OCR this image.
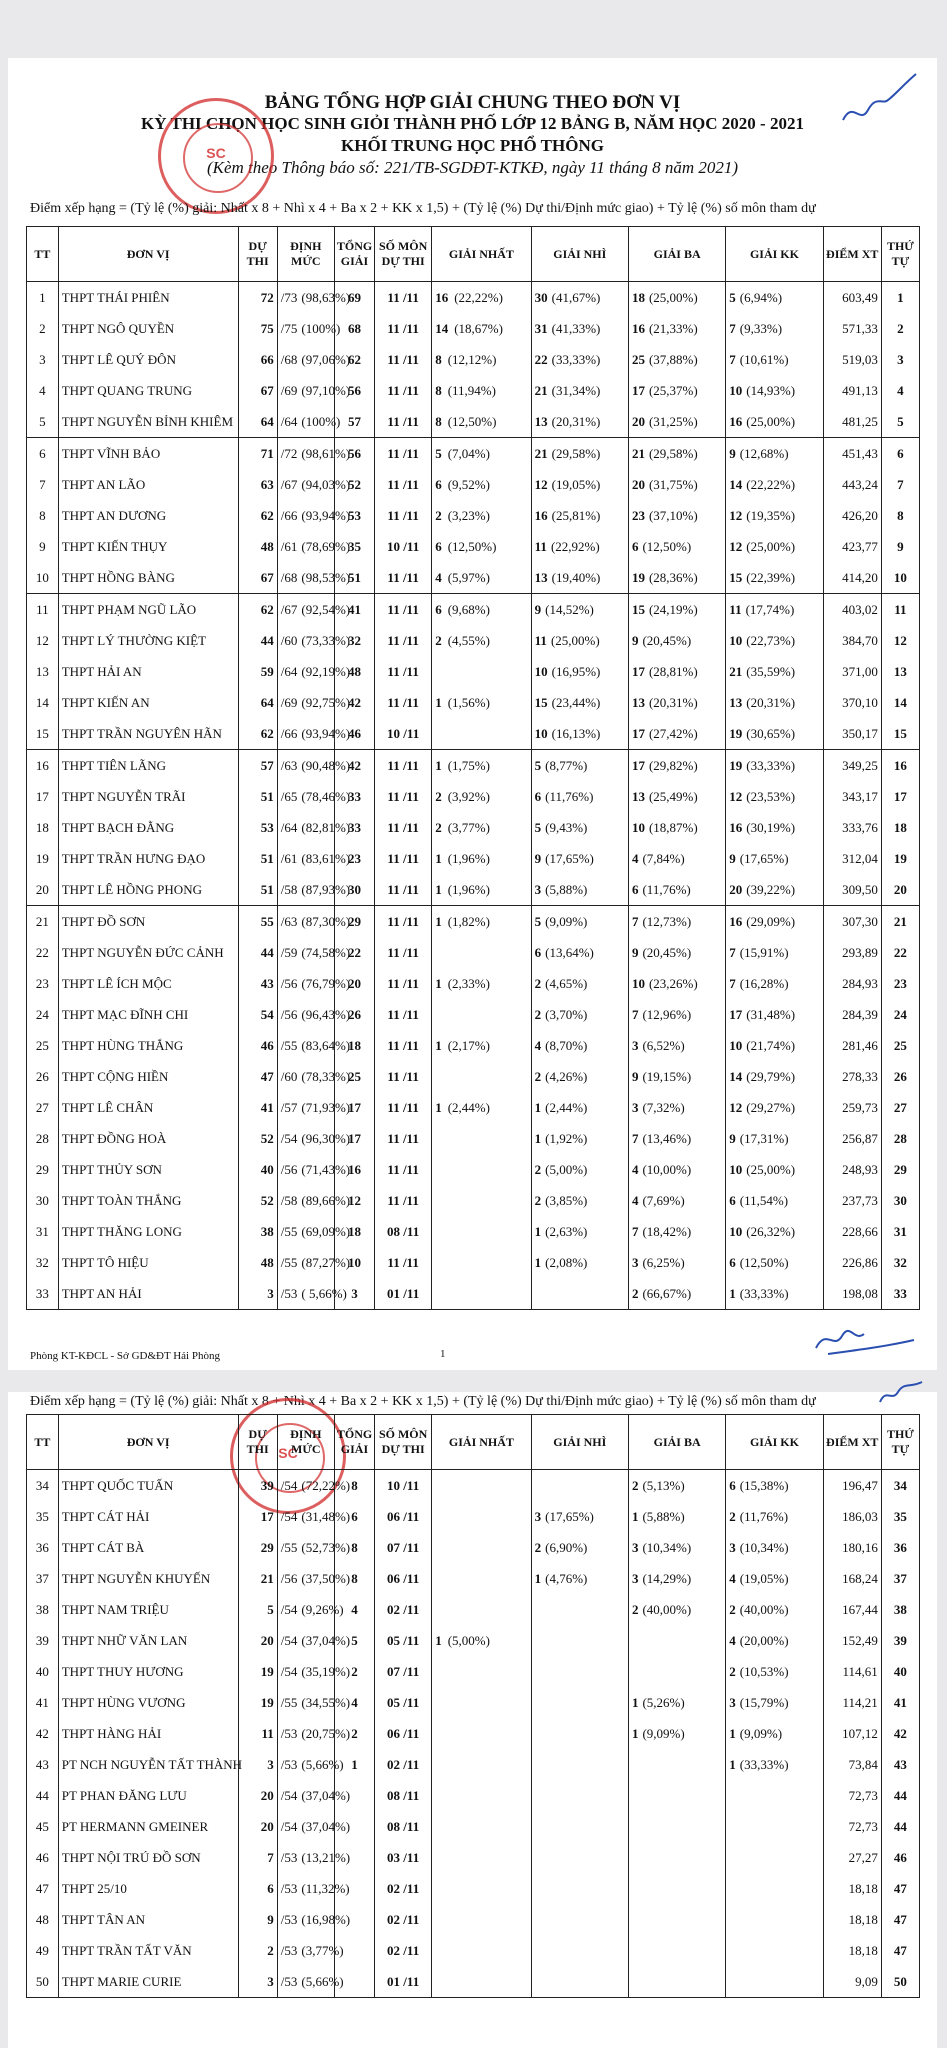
BẢNG TỔNG HỢP GIẢI CHUNG THEO ĐƠN VỊ
KỲ THI CHỌN HỌC SINH GIỎI THÀNH PHỐ LỚP 12 BẢNG B, NĂM HỌC 2020 - 2021
KHỐI TRUNG HỌC PHỔ THÔNG
(Kèm theo Thông báo số: 221/TB-SGDĐT-KTKĐ, ngày 11 tháng 8 năm 2021)
SC
Điểm xếp hạng = (Tỷ lệ (%) giải: Nhất x 8 + Nhì x 4 + Ba x 2 + KK x 1,5) + (Tỷ lệ (%) Dự thi/Định mức giao) + Tỷ lệ (%) số môn tham dự
TT	ĐƠN VỊ	DỰ THI	ĐỊNH MỨC	TỔNG GIẢI	SỐ MÔN DỰ THI	GIẢI NHẤT	GIẢI NHÌ	GIẢI BA	GIẢI KK	ĐIỂM XT	THỨ TỰ
1	THPT THÁI PHIÊN	72	/73 (98,63%)	69	11 /11	16 (22,22%)	30 (41,67%)	18 (25,00%)	5 (6,94%)	603,49	1
2	THPT NGÔ QUYỀN	75	/75 (100%)	68	11 /11	14 (18,67%)	31 (41,33%)	16 (21,33%)	7 (9,33%)	571,33	2
3	THPT LÊ QUÝ ĐÔN	66	/68 (97,06%)	62	11 /11	8 (12,12%)	22 (33,33%)	25 (37,88%)	7 (10,61%)	519,03	3
4	THPT QUANG TRUNG	67	/69 (97,10%)	56	11 /11	8 (11,94%)	21 (31,34%)	17 (25,37%)	10 (14,93%)	491,13	4
5	THPT NGUYỄN BỈNH KHIÊM	64	/64 (100%)	57	11 /11	8 (12,50%)	13 (20,31%)	20 (31,25%)	16 (25,00%)	481,25	5
6	THPT VĨNH BẢO	71	/72 (98,61%)	56	11 /11	5 (7,04%)	21 (29,58%)	21 (29,58%)	9 (12,68%)	451,43	6
7	THPT AN LÃO	63	/67 (94,03%)	52	11 /11	6 (9,52%)	12 (19,05%)	20 (31,75%)	14 (22,22%)	443,24	7
8	THPT AN DƯƠNG	62	/66 (93,94%)	53	11 /11	2 (3,23%)	16 (25,81%)	23 (37,10%)	12 (19,35%)	426,20	8
9	THPT KIẾN THỤY	48	/61 (78,69%)	35	10 /11	6 (12,50%)	11 (22,92%)	6 (12,50%)	12 (25,00%)	423,77	9
10	THPT HỒNG BÀNG	67	/68 (98,53%)	51	11 /11	4 (5,97%)	13 (19,40%)	19 (28,36%)	15 (22,39%)	414,20	10
11	THPT PHẠM NGŨ LÃO	62	/67 (92,54%)	41	11 /11	6 (9,68%)	9 (14,52%)	15 (24,19%)	11 (17,74%)	403,02	11
12	THPT LÝ THƯỜNG KIỆT	44	/60 (73,33%)	32	11 /11	2 (4,55%)	11 (25,00%)	9 (20,45%)	10 (22,73%)	384,70	12
13	THPT HẢI AN	59	/64 (92,19%)	48	11 /11		10 (16,95%)	17 (28,81%)	21 (35,59%)	371,00	13
14	THPT KIẾN AN	64	/69 (92,75%)	42	11 /11	1 (1,56%)	15 (23,44%)	13 (20,31%)	13 (20,31%)	370,10	14
15	THPT TRẦN NGUYÊN HÃN	62	/66 (93,94%)	46	10 /11		10 (16,13%)	17 (27,42%)	19 (30,65%)	350,17	15
16	THPT TIÊN LÃNG	57	/63 (90,48%)	42	11 /11	1 (1,75%)	5 (8,77%)	17 (29,82%)	19 (33,33%)	349,25	16
17	THPT NGUYỄN TRÃI	51	/65 (78,46%)	33	11 /11	2 (3,92%)	6 (11,76%)	13 (25,49%)	12 (23,53%)	343,17	17
18	THPT BẠCH ĐẰNG	53	/64 (82,81%)	33	11 /11	2 (3,77%)	5 (9,43%)	10 (18,87%)	16 (30,19%)	333,76	18
19	THPT TRẦN HƯNG ĐẠO	51	/61 (83,61%)	23	11 /11	1 (1,96%)	9 (17,65%)	4 (7,84%)	9 (17,65%)	312,04	19
20	THPT LÊ HỒNG PHONG	51	/58 (87,93%)	30	11 /11	1 (1,96%)	3 (5,88%)	6 (11,76%)	20 (39,22%)	309,50	20
21	THPT ĐỒ SƠN	55	/63 (87,30%)	29	11 /11	1 (1,82%)	5 (9,09%)	7 (12,73%)	16 (29,09%)	307,30	21
22	THPT NGUYỄN ĐỨC CẢNH	44	/59 (74,58%)	22	11 /11		6 (13,64%)	9 (20,45%)	7 (15,91%)	293,89	22
23	THPT LÊ ÍCH MỘC	43	/56 (76,79%)	20	11 /11	1 (2,33%)	2 (4,65%)	10 (23,26%)	7 (16,28%)	284,93	23
24	THPT MẠC ĐĨNH CHI	54	/56 (96,43%)	26	11 /11		2 (3,70%)	7 (12,96%)	17 (31,48%)	284,39	24
25	THPT HÙNG THẮNG	46	/55 (83,64%)	18	11 /11	1 (2,17%)	4 (8,70%)	3 (6,52%)	10 (21,74%)	281,46	25
26	THPT CỘNG HIỀN	47	/60 (78,33%)	25	11 /11		2 (4,26%)	9 (19,15%)	14 (29,79%)	278,33	26
27	THPT LÊ CHÂN	41	/57 (71,93%)	17	11 /11	1 (2,44%)	1 (2,44%)	3 (7,32%)	12 (29,27%)	259,73	27
28	THPT ĐỒNG HOÀ	52	/54 (96,30%)	17	11 /11		1 (1,92%)	7 (13,46%)	9 (17,31%)	256,87	28
29	THPT THỦY SƠN	40	/56 (71,43%)	16	11 /11		2 (5,00%)	4 (10,00%)	10 (25,00%)	248,93	29
30	THPT TOÀN THẮNG	52	/58 (89,66%)	12	11 /11		2 (3,85%)	4 (7,69%)	6 (11,54%)	237,73	30
31	THPT THĂNG LONG	38	/55 (69,09%)	18	08 /11		1 (2,63%)	7 (18,42%)	10 (26,32%)	228,66	31
32	THPT TÔ HIỆU	48	/55 (87,27%)	10	11 /11		1 (2,08%)	3 (6,25%)	6 (12,50%)	226,86	32
33	THPT AN HẢI	3	/53 ( 5,66%)	3	01 /11			2 (66,67%)	1 (33,33%)	198,08	33
Phòng KT-KĐCL - Sở GD&ĐT Hải Phòng	1
Điểm xếp hạng = (Tỷ lệ (%) giải: Nhất x 8 + Nhì x 4 + Ba x 2 + KK x 1,5) + (Tỷ lệ (%) Dự thi/Định mức giao) + Tỷ lệ (%) số môn tham dự
SC
TT	ĐƠN VỊ	DỰ THI	ĐỊNH MỨC	TỔNG GIẢI	SỐ MÔN DỰ THI	GIẢI NHẤT	GIẢI NHÌ	GIẢI BA	GIẢI KK	ĐIỂM XT	THỨ TỰ
34	THPT QUỐC TUẤN	39	/54 (72,22%)	8	10 /11			2 (5,13%)	6 (15,38%)	196,47	34
35	THPT CÁT HẢI	17	/54 (31,48%)	6	06 /11		3 (17,65%)	1 (5,88%)	2 (11,76%)	186,03	35
36	THPT CÁT BÀ	29	/55 (52,73%)	8	07 /11		2 (6,90%)	3 (10,34%)	3 (10,34%)	180,16	36
37	THPT NGUYỄN KHUYẾN	21	/56 (37,50%)	8	06 /11		1 (4,76%)	3 (14,29%)	4 (19,05%)	168,24	37
38	THPT NAM TRIỆU	5	/54 (9,26%)	4	02 /11			2 (40,00%)	2 (40,00%)	167,44	38
39	THPT NHỮ VĂN LAN	20	/54 (37,04%)	5	05 /11	1 (5,00%)			4 (20,00%)	152,49	39
40	THPT THUY HƯƠNG	19	/54 (35,19%)	2	07 /11				2 (10,53%)	114,61	40
41	THPT HÙNG VƯƠNG	19	/55 (34,55%)	4	05 /11			1 (5,26%)	3 (15,79%)	114,21	41
42	THPT HÀNG HẢI	11	/53 (20,75%)	2	06 /11			1 (9,09%)	1 (9,09%)	107,12	42
43	PT NCH NGUYỄN TẤT THÀNH	3	/53 (5,66%)	1	02 /11				1 (33,33%)	73,84	43
44	PT PHAN ĐĂNG LƯU	20	/54 (37,04%)		08 /11					72,73	44
45	PT HERMANN GMEINER	20	/54 (37,04%)		08 /11					72,73	44
46	THPT NỘI TRÚ ĐỒ SƠN	7	/53 (13,21%)		03 /11					27,27	46
47	THPT 25/10	6	/53 (11,32%)		02 /11					18,18	47
48	THPT TÂN AN	9	/53 (16,98%)		02 /11					18,18	47
49	THPT TRẦN TẤT VĂN	2	/53 (3,77%)		02 /11					18,18	47
50	THPT MARIE CURIE	3	/53 (5,66%)		01 /11					9,09	50
